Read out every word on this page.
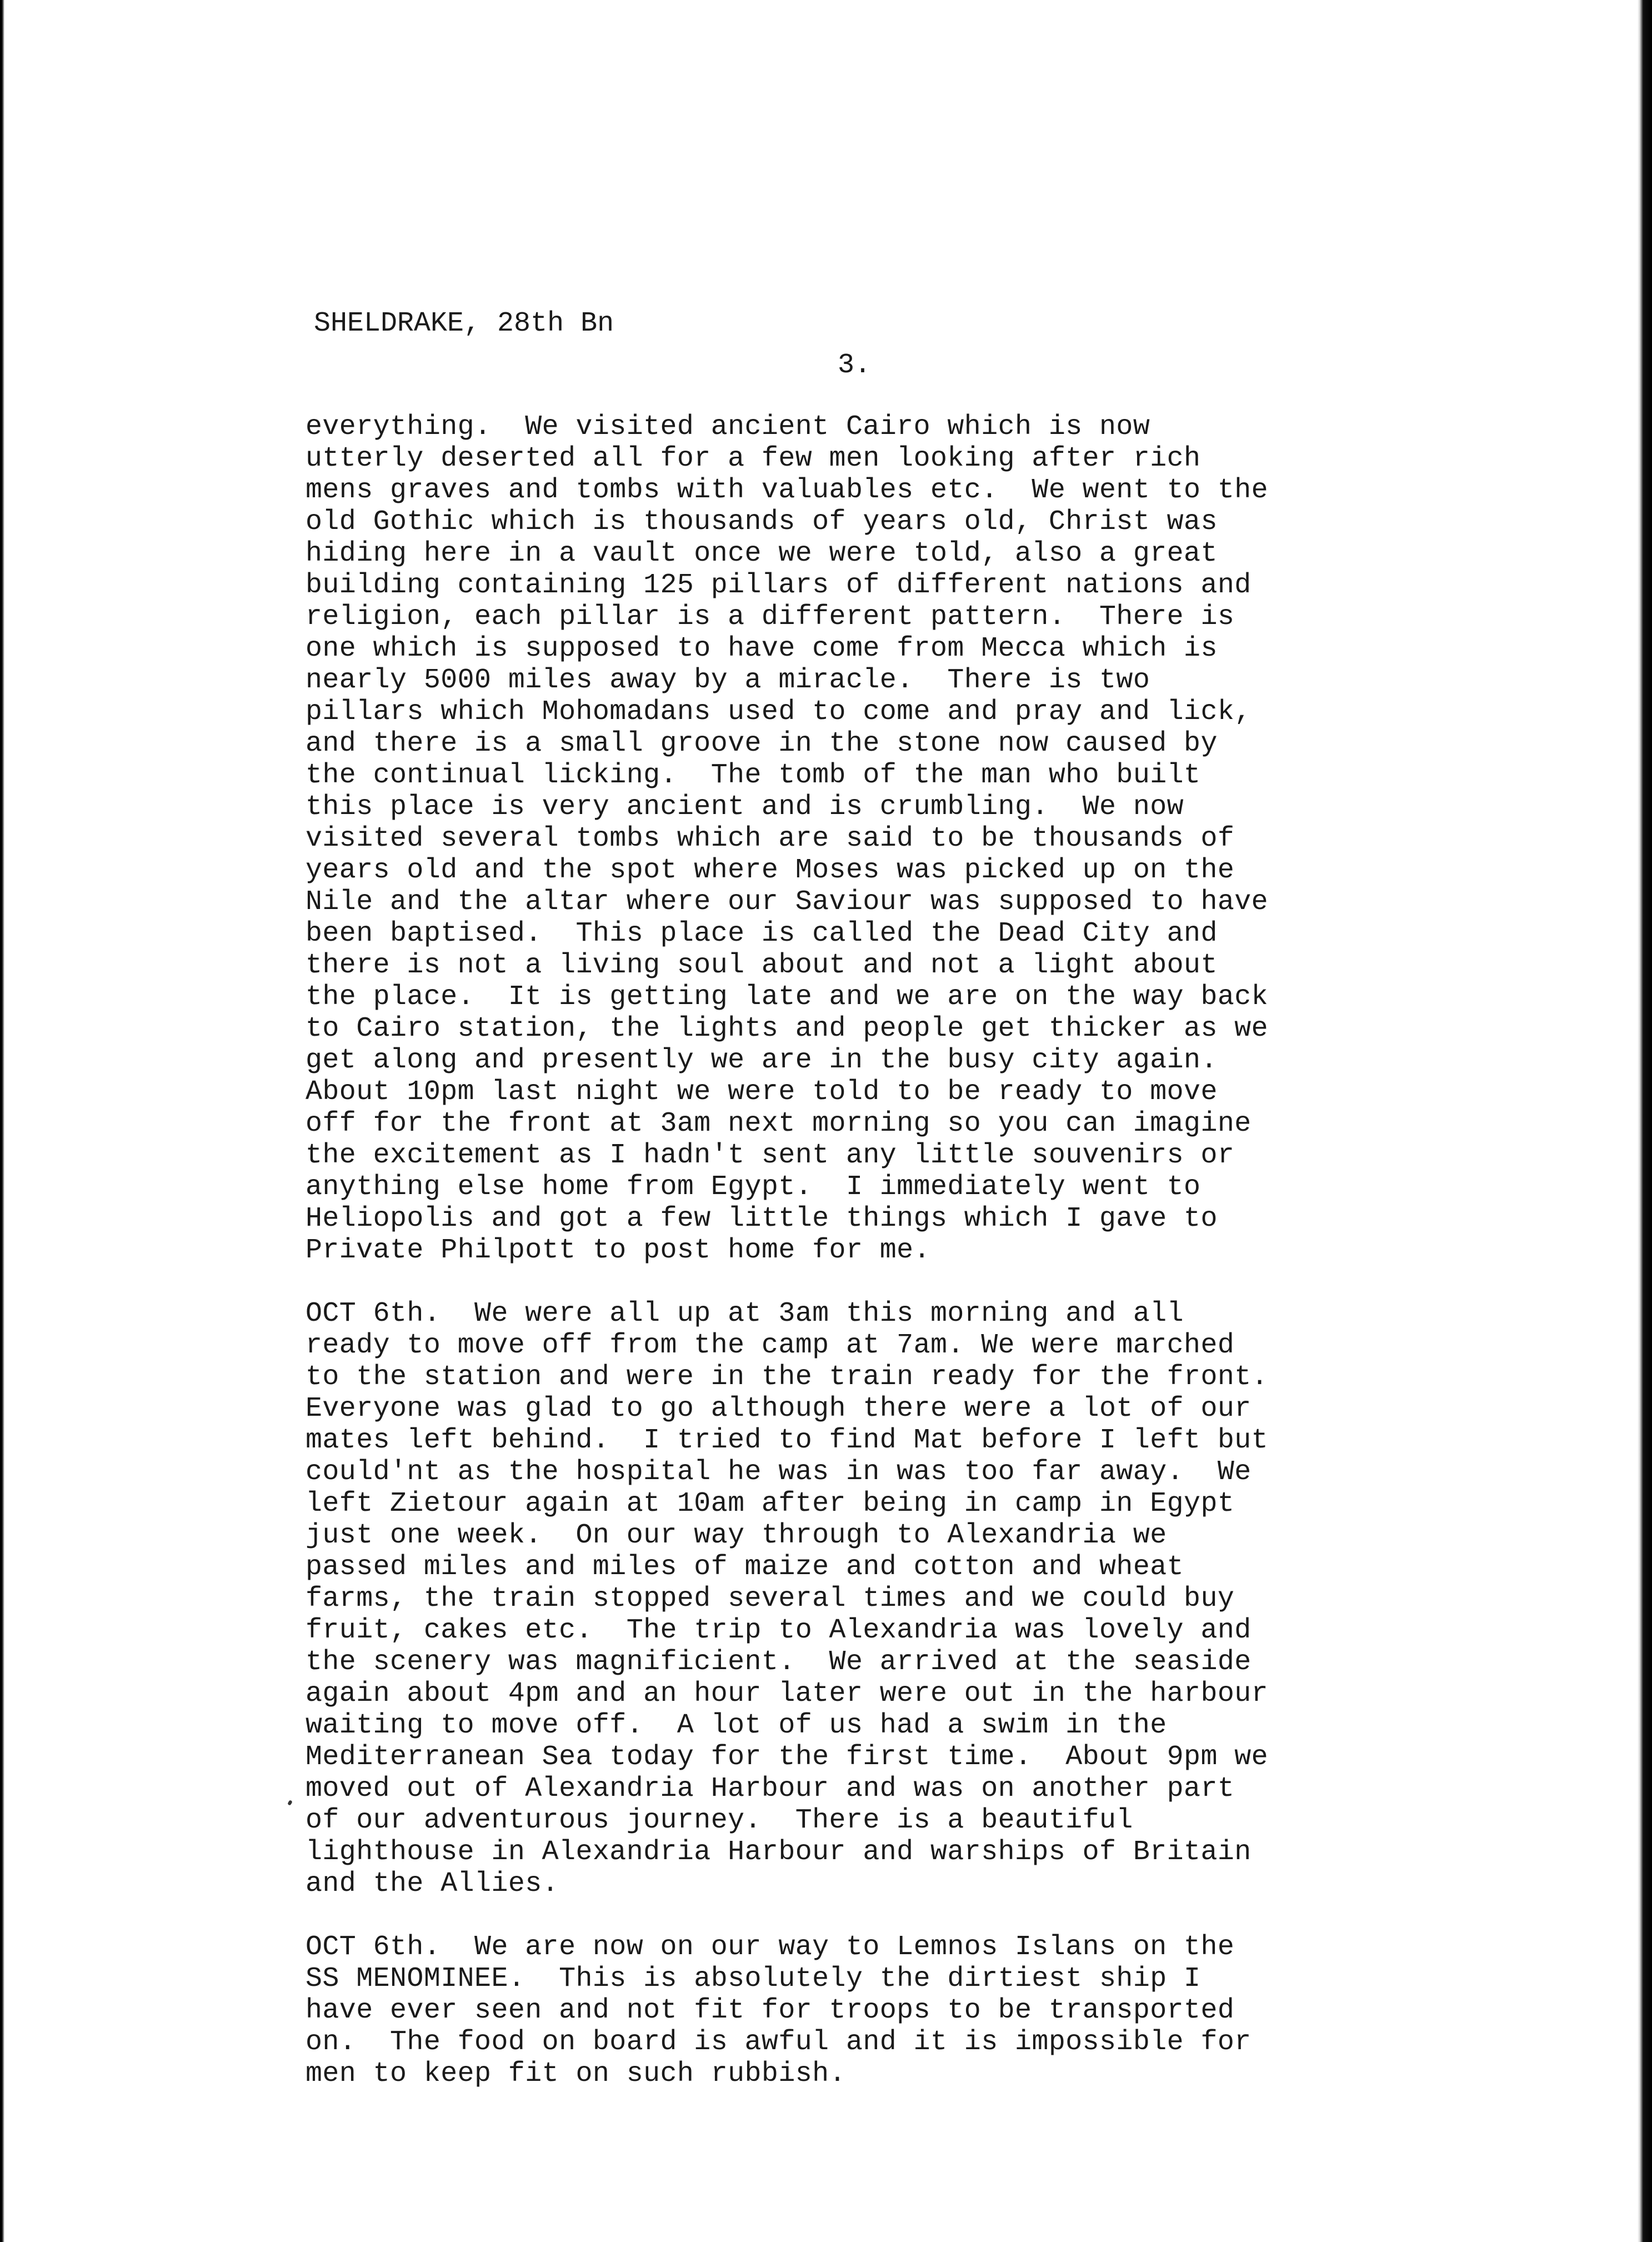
SHELDRAKE, 28th Bn
3.
everything.  We visited ancient Cairo which is now
utterly deserted all for a few men looking after rich
mens graves and tombs with valuables etc.  We went to the
old Gothic which is thousands of years old, Christ was
hiding here in a vault once we were told, also a great
building containing 125 pillars of different nations and
religion, each pillar is a different pattern.  There is
one which is supposed to have come from Mecca which is
nearly 5000 miles away by a miracle.  There is two
pillars which Mohomadans used to come and pray and lick,
and there is a small groove in the stone now caused by
the continual licking.  The tomb of the man who built
this place is very ancient and is crumbling.  We now
visited several tombs which are said to be thousands of
years old and the spot where Moses was picked up on the
Nile and the altar where our Saviour was supposed to have
been baptised.  This place is called the Dead City and
there is not a living soul about and not a light about
the place.  It is getting late and we are on the way back
to Cairo station, the lights and people get thicker as we
get along and presently we are in the busy city again.
About 10pm last night we were told to be ready to move
off for the front at 3am next morning so you can imagine
the excitement as I hadn't sent any little souvenirs or
anything else home from Egypt.  I immediately went to
Heliopolis and got a few little things which I gave to
Private Philpott to post home for me.
OCT 6th.  We were all up at 3am this morning and all
ready to move off from the camp at 7am. We were marched
to the station and were in the train ready for the front.
Everyone was glad to go although there were a lot of our
mates left behind.  I tried to find Mat before I left but
could'nt as the hospital he was in was too far away.  We
left Zietour again at 10am after being in camp in Egypt
just one week.  On our way through to Alexandria we
passed miles and miles of maize and cotton and wheat
farms, the train stopped several times and we could buy
fruit, cakes etc.  The trip to Alexandria was lovely and
the scenery was magnificient.  We arrived at the seaside
again about 4pm and an hour later were out in the harbour
waiting to move off.  A lot of us had a swim in the
Mediterranean Sea today for the first time.  About 9pm we
moved out of Alexandria Harbour and was on another part
of our adventurous journey.  There is a beautiful
lighthouse in Alexandria Harbour and warships of Britain
and the Allies.
OCT 6th.  We are now on our way to Lemnos Islans on the
SS MENOMINEE.  This is absolutely the dirtiest ship I
have ever seen and not fit for troops to be transported
on.  The food on board is awful and it is impossible for
men to keep fit on such rubbish.
